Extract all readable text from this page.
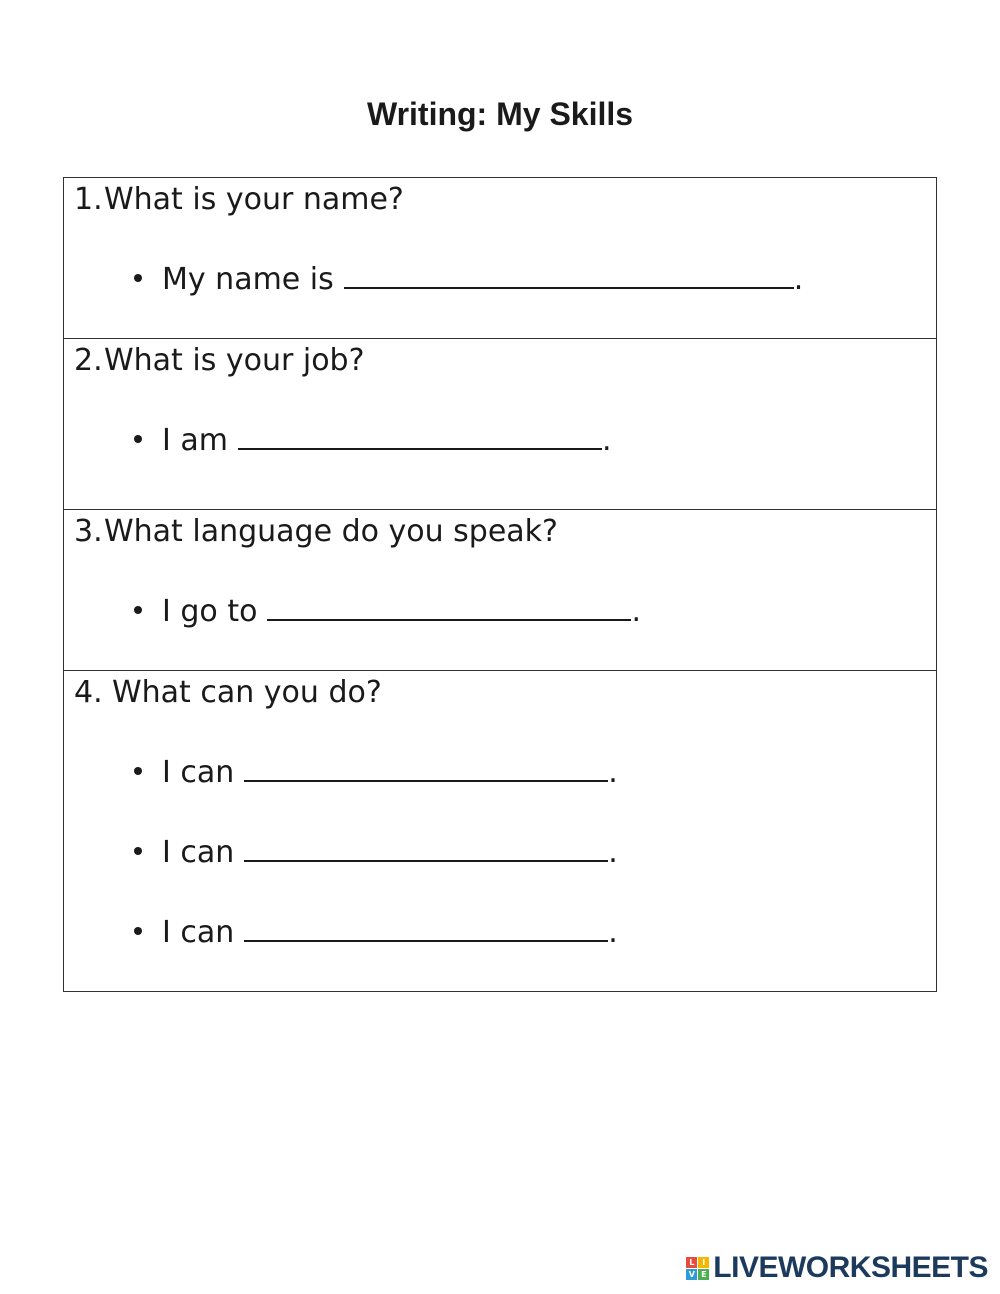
Writing: My Skills
1.What is your name?
My name is	.
2.What is your job?
I am	.
3.What language do you speak?
I go to	.
4. What can you do?
I can	.
I can	.
I can	.
L I
V E LIVEWORKSHEETS
